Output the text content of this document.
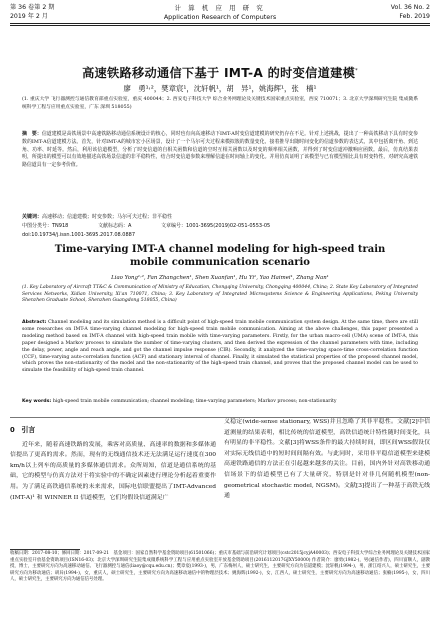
第 36 卷第 2 期
2019 年 2 月
计 算 机 应 用 研 究
Application Research of Computers
Vol. 36 No. 2
Feb. 2019
高速铁路移动通信下基于 IMT-A 的时变信道建模*
廖　勇¹˒²，樊章宸¹，沈轩帆¹，胡　异¹，姚海辉¹，张　楠¹
(1. 重庆大学 飞行器测控与通信教育部重点实验室，重庆 400044；2. 西安电子科技大学 综合业务网理论及关键技术国家重点实验室，西安 710071；3. 北京大学深圳研究生院 集成微系统科学工程与应用重点实验室，广东 深圳 518055)
摘　要：信道建模是高铁场景中高速铁路移动通信系统设计的核心，同时也有向高速移动下IMT-A时变信道建模的研究仍存在不足。针对上述挑战，提出了一种高铁移动下具有时变参数的IMT-A信道建模方法。首先，针对IMT-A的城市宏小区场景，设计了一个马尔可夫过程来模拟簇的数量变化，接着推导出随时间变化的信道参数的表达式，其中包括离开角、到达角、功率、时延等。然后，利用该信道模型，分析了时变信道的自相关函数和信道的空时互相关函数以及时变的频率相关函数，并得到了时变信道冲激响应函数。最后，仿真结果表明，所提出的模型可以有效地描述高铁场景信道的非平稳特性，结合时变信道参数来理解信道在时间轴上的变化。并用仿真证明了该模型与已有模型相比具有时变特性，对研究高速铁路信道具有一定参考价值。
关键词：高速移动；信道建模；时变参数；马尔可夫过程；非平稳性
中图分类号：TN918	文献标志码：A	文章编号：1001-3695(2019)02-051-0553-05
doi:10.19734/j.issn.1001-3695.2017.08.0887
Time-varying IMT-A channel modeling for high-speed train mobile communication scenario
Liao Yong¹˒², Fan Zhangchen¹, Shen Xuanfan¹, Hu Yi¹, Yao Haimei¹, Zhang Nan¹
(1. Key Laboratory of Aircraft TT&C & Communication of Ministry of Education, Chongqing University, Chongqing 400044, China; 2. State Key Laboratory of Integrated Services Networks, Xidian University, Xi'an 710071, China; 3. Key Laboratory of Integrated Microsystems Science & Engineering Applications, Peking University Shenzhen Graduate School, Shenzhen Guangdong 518055, China)
Abstract: Channel modeling and its simulation method is a difficult point of high-speed train mobile communication system design. At the same time, there are still some researches on IMT-A time-varying channel modeling for high-speed train mobile communication. Aiming at the above challenges, this paper presented a modeling method based on IMT-A channel with high-speed train mobile with time-varying parameters. Firstly, for the urban macro-cell (UMA) scene of IMT-A, this paper designed a Markov process to simulate the number of time-varying clusters, and then derived the expression of the channel parameters with time, including the delay, power, angle and reach angle, and got the channel impulse response (CIR). Secondly, it analyzed the time-varying space-time cross-correlation function (CCF), time-varying auto-correlation function (ACF) and stationary interval of channel. Finally, it simulated the statistical properties of the proposed channel model, which proves the non-stationarity of the model and the non-stationarity of the high-speed train channel, and proves that the proposed channel model can be used to simulate the feasibility of high-speed train channel.
Key words: high-speed train mobile communication; channel modeling; time-varying parameters; Markov process; non-stationarity
0　引言
近年来，随着高速铁路的发展，乘客对高质量、高速率的数据和多媒体通信提出了更高的需求。然而，现有的无线通信技术还无法满足运行速度在300 km/h以上列车的高质量的多媒体通信需求。众所周知，信道是通信系统的基础，它的模型与仿真方法对于将实验中的不确定因素进行理论分析起着重要作用。为了满足高铁通信系统的未来需求，国际电信联盟提出了IMT-Advanced (IMT-A)¹ 和 WINNER II 信道模型，它们均假设信道满足广
义稳定(wide-sense stationary, WSS)并且忽略了其非平稳性。文献[2]中信道测量的结果表明，相比传统的信道模型，高铁信道统计特性随时间变化，具有明显的非平稳性。文献[3]将WSS条件的最大持续时间，即区间WSS假设仅对实际无线信道中的短时间间隔有效。与此同时，采用非平稳信道模型来建模高速铁路通信的方法正在引起越来越多的关注。目前，国内外针对高铁移动通信场景下的信道模型已有了大量研究，特别是针对非几何随机模型(non-geometrical stochastic model, NGSM)。文献[3]提出了一种基于高铁无线通
收稿日期：2017-08-10；修回日期：2017-09-21　基金项目：国家自然科学基金资助项目(61501066)；重庆市基础与前沿研究计划项目(cstc2015jcyjA40003)；西安电子科技大学综合业务网理论及关键技术国家重点实验室开放基金资助项目(ISN16-03)；北京大学深圳研究生院集成微系统科学工程与应用重点实验室开放基金资助项目(2016112017GJXY50000) 作者简介：廖勇(1982-)，男(通信作者)，四川富顺人，副教授，博士，主要研究方向为高速移动通信、飞行器测控与通信(liaoy@cqu.edu.cn)；樊章宸(1993-)，男，广东梅州人，硕士研究生，主要研究方向为信道建模；沈轩帆(1994-)，男，浙江绍兴人，硕士研究生，主要研究方向为移动通信；胡异(1994-)，女，重庆人，硕士研究生，主要研究方向为高速移动通信中的物理层技术；姚海辉(1992-)，女，江西人，硕士研究生，主要研究方向为高速移动通信；张楠(1995-)，女，四川人，硕士研究生，主要研究方向为通信信号处理。
